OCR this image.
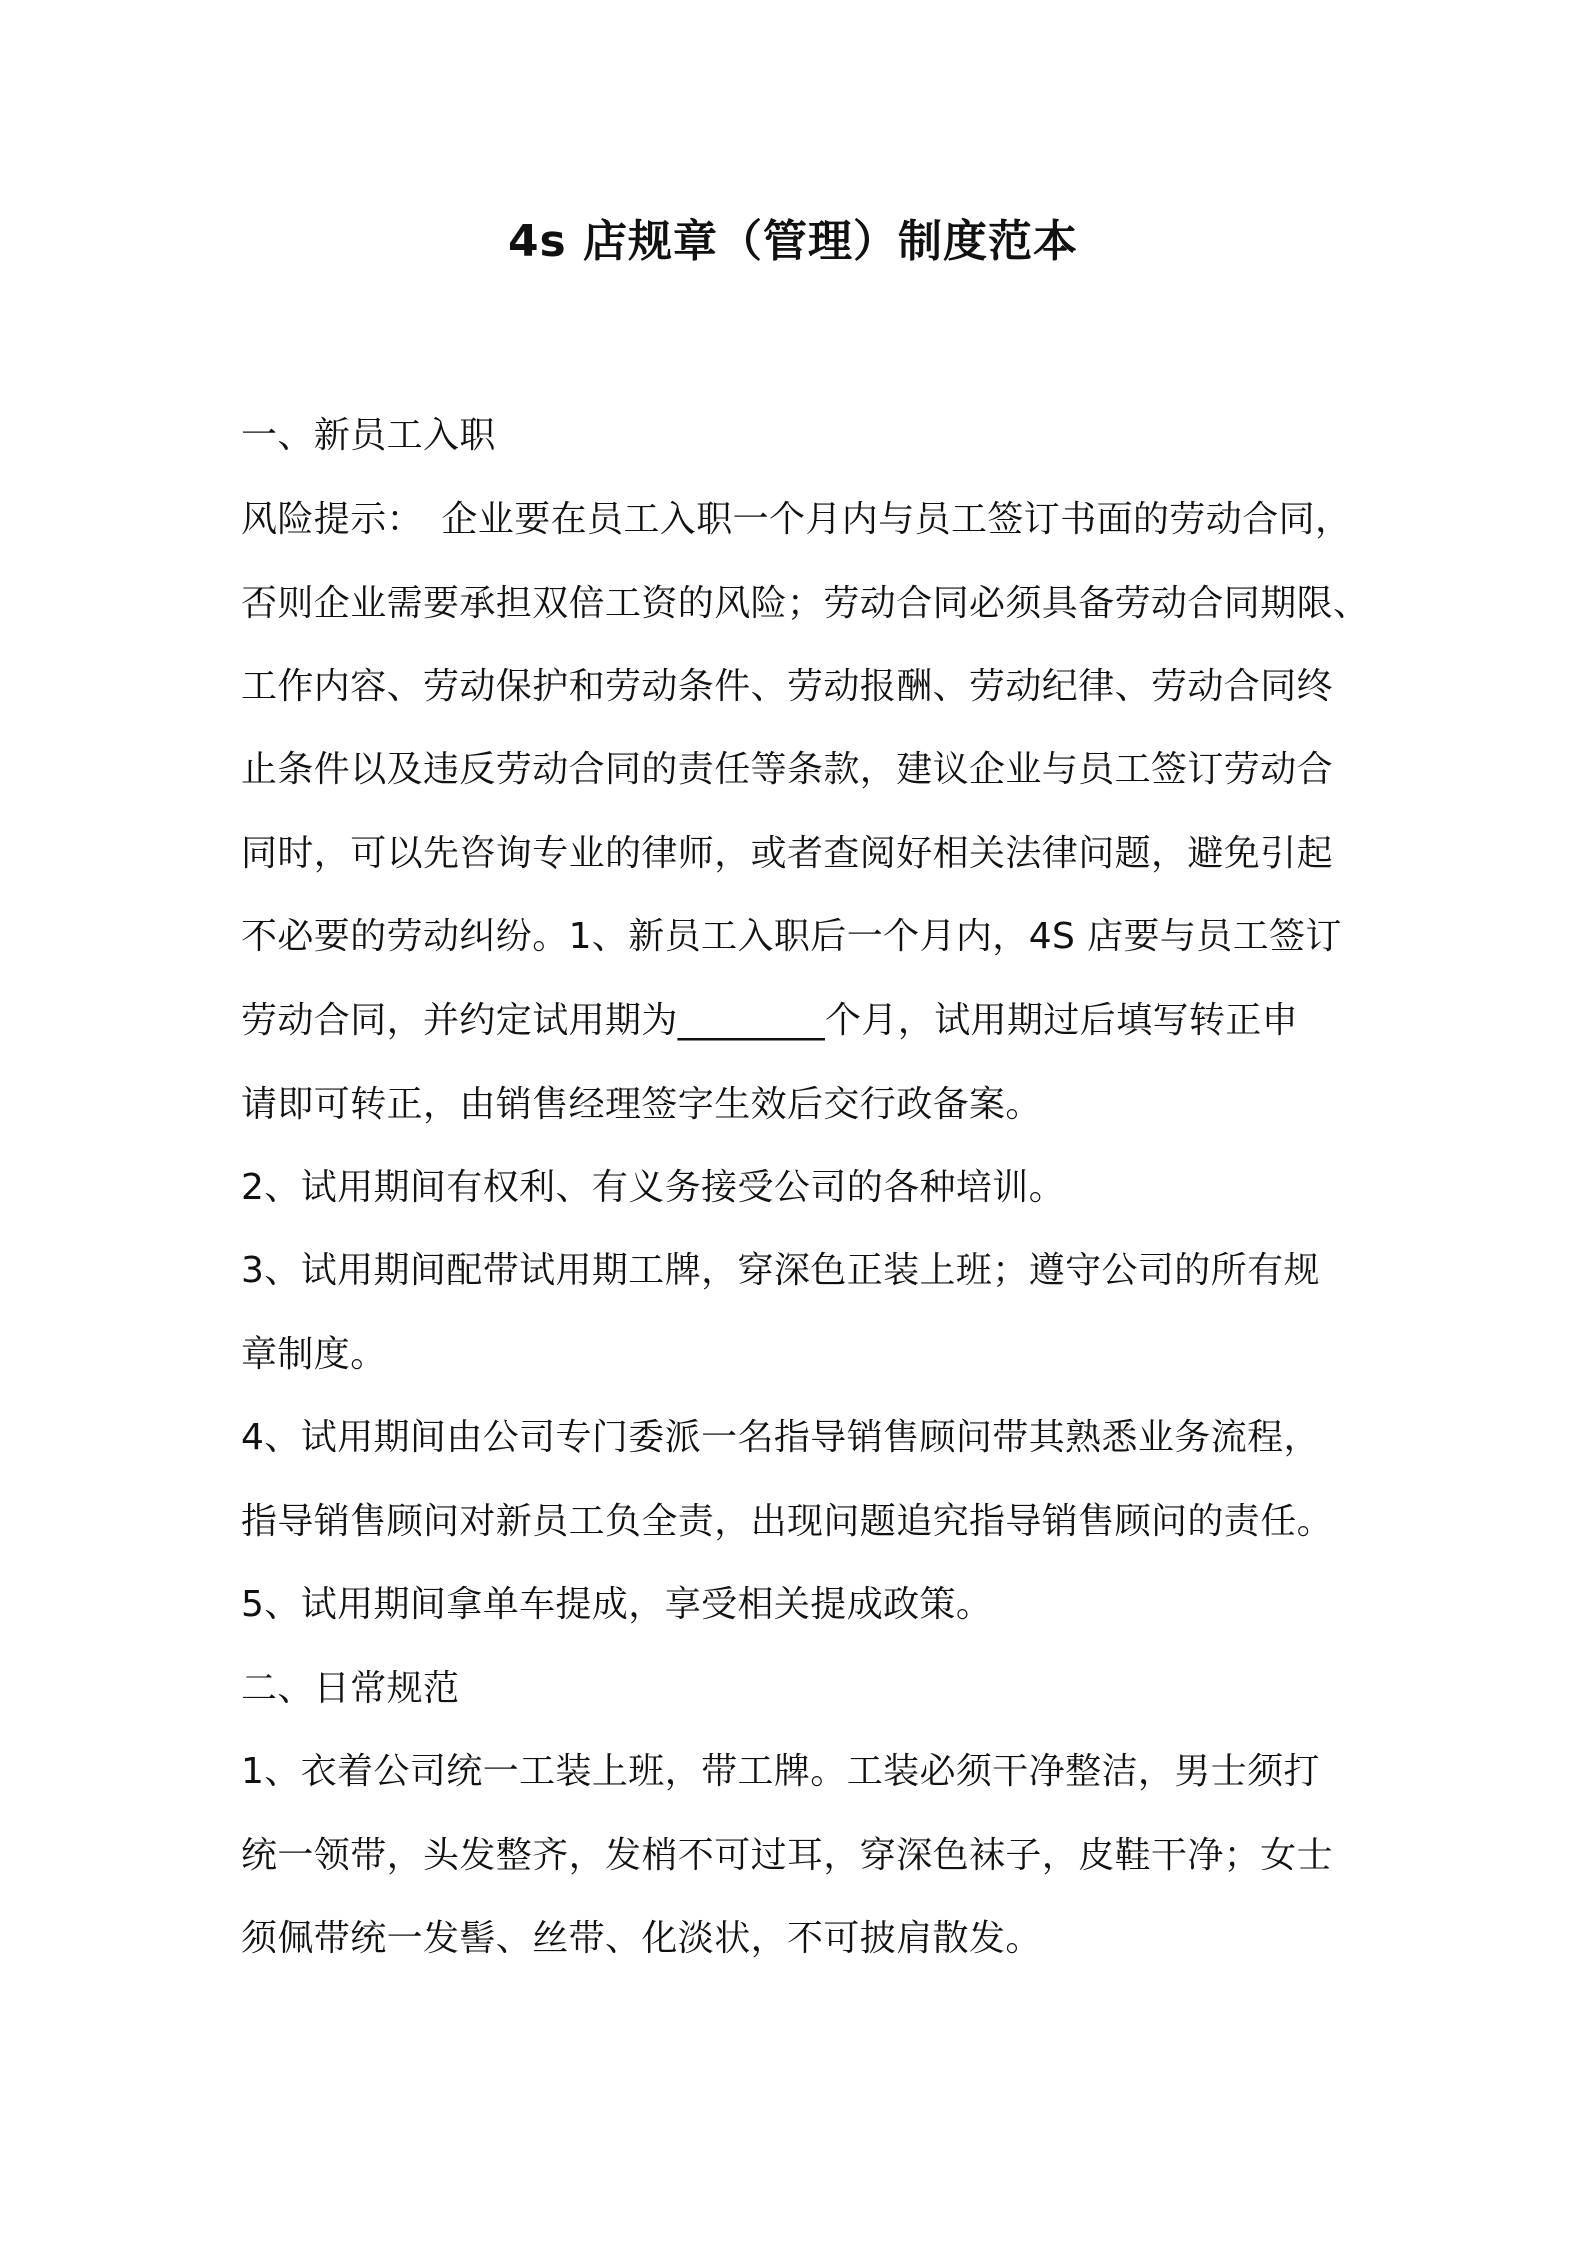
4s 店规章（管理）制度范本
一、新员工入职
风险提示：　企业要在员工入职一个月内与员工签订书面的劳动合同，
否则企业需要承担双倍工资的风险；劳动合同必须具备劳动合同期限、
工作内容、劳动保护和劳动条件、劳动报酬、劳动纪律、劳动合同终
止条件以及违反劳动合同的责任等条款，建议企业与员工签订劳动合
同时，可以先咨询专业的律师，或者查阅好相关法律问题，避免引起
不必要的劳动纠纷。1、新员工入职后一个月内，4S 店要与员工签订
劳动合同，并约定试用期为________个月，试用期过后填写转正申
请即可转正，由销售经理签字生效后交行政备案。
2、试用期间有权利、有义务接受公司的各种培训。
3、试用期间配带试用期工牌，穿深色正装上班；遵守公司的所有规
章制度。
4、试用期间由公司专门委派一名指导销售顾问带其熟悉业务流程，
指导销售顾问对新员工负全责，出现问题追究指导销售顾问的责任。
5、试用期间拿单车提成，享受相关提成政策。
二、日常规范
1、衣着公司统一工装上班，带工牌。工装必须干净整洁，男士须打
统一领带，头发整齐，发梢不可过耳，穿深色袜子，皮鞋干净；女士
须佩带统一发髻、丝带、化淡状，不可披肩散发。
